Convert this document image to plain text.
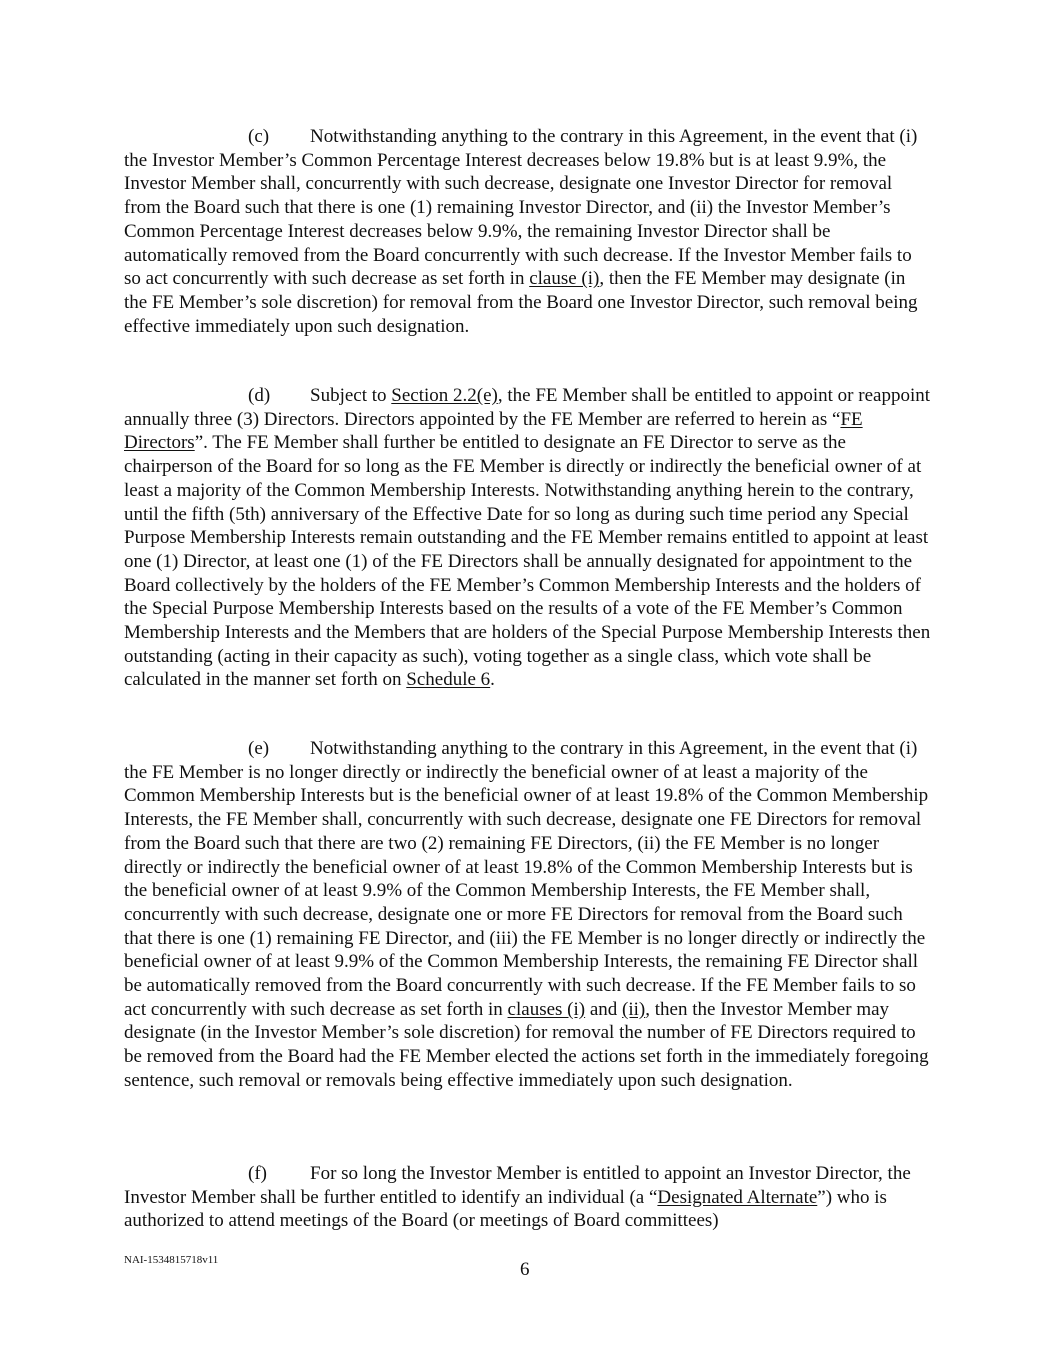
(c) Notwithstanding anything to the contrary in this Agreement, in the event that (i) the Investor Member’s Common Percentage Interest decreases below 19.8% but is at least 9.9%, the Investor Member shall, concurrently with such decrease, designate one Investor Director for removal from the Board such that there is one (1) remaining Investor Director, and (ii) the Investor Member’s Common Percentage Interest decreases below 9.9%, the remaining Investor Director shall be automatically removed from the Board concurrently with such decrease. If the Investor Member fails to so act concurrently with such decrease as set forth in clause (i), then the FE Member may designate (in the FE Member’s sole discretion) for removal from the Board one Investor Director, such removal being effective immediately upon such designation.

(d) Subject to Section 2.2(e), the FE Member shall be entitled to appoint or reappoint annually three (3) Directors. Directors appointed by the FE Member are referred to herein as “FE Directors”. The FE Member shall further be entitled to designate an FE Director to serve as the chairperson of the Board for so long as the FE Member is directly or indirectly the beneficial owner of at least a majority of the Common Membership Interests. Notwithstanding anything herein to the contrary, until the fifth (5th) anniversary of the Effective Date for so long as during such time period any Special Purpose Membership Interests remain outstanding and the FE Member remains entitled to appoint at least one (1) Director, at least one (1) of the FE Directors shall be annually designated for appointment to the Board collectively by the holders of the FE Member’s Common Membership Interests and the holders of the Special Purpose Membership Interests based on the results of a vote of the FE Member’s Common Membership Interests and the Members that are holders of the Special Purpose Membership Interests then outstanding (acting in their capacity as such), voting together as a single class, which vote shall be calculated in the manner set forth on Schedule 6.

(e) Notwithstanding anything to the contrary in this Agreement, in the event that (i) the FE Member is no longer directly or indirectly the beneficial owner of at least a majority of the Common Membership Interests but is the beneficial owner of at least 19.8% of the Common Membership Interests, the FE Member shall, concurrently with such decrease, designate one FE Directors for removal from the Board such that there are two (2) remaining FE Directors, (ii) the FE Member is no longer directly or indirectly the beneficial owner of at least 19.8% of the Common Membership Interests but is the beneficial owner of at least 9.9% of the Common Membership Interests, the FE Member shall, concurrently with such decrease, designate one or more FE Directors for removal from the Board such that there is one (1) remaining FE Director, and (iii) the FE Member is no longer directly or indirectly the beneficial owner of at least 9.9% of the Common Membership Interests, the remaining FE Director shall be automatically removed from the Board concurrently with such decrease. If the FE Member fails to so act concurrently with such decrease as set forth in clauses (i) and (ii), then the Investor Member may designate (in the Investor Member’s sole discretion) for removal the number of FE Directors required to be removed from the Board had the FE Member elected the actions set forth in the immediately foregoing sentence, such removal or removals being effective immediately upon such designation.

(f) For so long the Investor Member is entitled to appoint an Investor Director, the Investor Member shall be further entitled to identify an individual (a “Designated Alternate”) who is authorized to attend meetings of the Board (or meetings of Board committees)

NAI-1534815718v11	6
